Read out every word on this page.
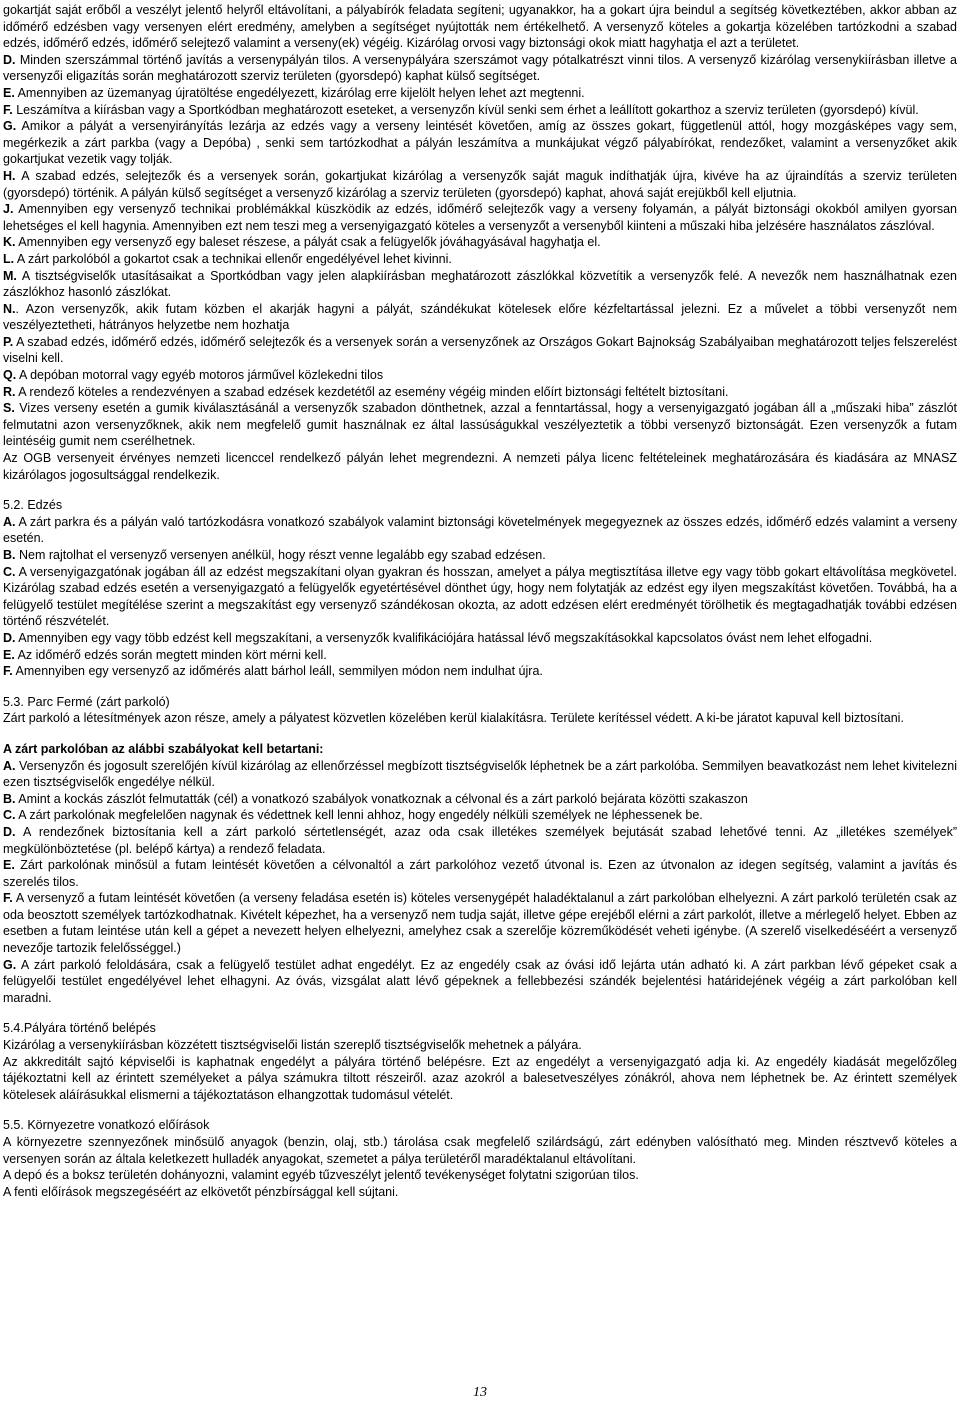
gokartját saját erőből a veszélyt jelentő helyről eltávolítani, a pályabírók feladata segíteni; ugyanakkor, ha a gokart újra beindul a segítség következtében, akkor abban az időmérő edzésben vagy versenyen elért eredmény, amelyben a segítséget nyújtották nem értékelhető. A versenyző köteles a gokartja közelében tartózkodni a szabad edzés, időmérő edzés, időmérő selejtező valamint a verseny(ek) végéig. Kizárólag orvosi vagy biztonsági okok miatt hagyhatja el azt a területet.

D. Minden szerszámmal történő javítás a versenypályán tilos. A versenypályára szerszámot vagy pótalkatrészt vinni tilos. A versenyző kizárólag versenykiírásban illetve a versenyzői eligazítás során meghatározott szerviz területen (gyorsdepó) kaphat külső segítséget.

E. Amennyiben az üzemanyag újratöltése engedélyezett, kizárólag erre kijelölt helyen lehet azt megtenni.

F. Leszámítva a kiírásban vagy a Sportkódban meghatározott eseteket, a versenyzőn kívül senki sem érhet a leállított gokarthoz a szerviz területen (gyorsdepó) kívül.

G. Amikor a pályát a versenyirányítás lezárja az edzés vagy a verseny leintését követően, amíg az összes gokart, függetlenül attól, hogy mozgásképes vagy sem, megérkezik a zárt parkba (vagy a Depóba) , senki sem tartózkodhat a pályán leszámítva a munkájukat végző pályabírókat, rendezőket, valamint a versenyzőket akik gokartjukat vezetik vagy tolják.

H. A szabad edzés, selejtezők és a versenyek során, gokartjukat kizárólag a versenyzők saját maguk indíthatják újra, kivéve ha az újraindítás a szerviz területen (gyorsdepó) történik. A pályán külső segítséget a versenyző kizárólag a szerviz területen (gyorsdepó) kaphat, ahová saját erejükből kell eljutnia.

J. Amennyiben egy versenyző technikai problémákkal küszködik az edzés, időmérő selejtezők vagy a verseny folyamán, a pályát biztonsági okokból amilyen gyorsan lehetséges el kell hagynia. Amennyiben ezt nem teszi meg a versenyigazgató köteles a versenyzőt a versenyből kiinteni a műszaki hiba jelzésére használatos zászlóval.

K. Amennyiben egy versenyző egy baleset részese, a pályát csak a felügyelők jóváhagyásával hagyhatja el.

L. A zárt parkolóból a gokartot csak a technikai ellenőr engedélyével lehet kivinni.

M. A tisztségviselők utasításaikat a Sportkódban vagy jelen alapkiírásban meghatározott zászlókkal közvetítik a versenyzők felé. A nevezők nem használhatnak ezen zászlókhoz hasonló zászlókat.

N.. Azon versenyzők, akik futam közben el akarják hagyni a pályát, szándékukat kötelesek előre kézfeltartással jelezni. Ez a művelet a többi versenyzőt nem veszélyeztetheti, hátrányos helyzetbe nem hozhatja

P. A szabad edzés, időmérő edzés, időmérő selejtezők és a versenyek során a versenyzőnek az Országos Gokart Bajnokság Szabályaiban meghatározott teljes felszerelést viselni kell.

Q. A depóban motorral vagy egyéb motoros járművel közlekedni tilos

R. A rendező köteles a rendezvényen a szabad edzések kezdetétől az esemény végéig minden előírt biztonsági feltételt biztosítani.

S. Vizes verseny esetén a gumik kiválasztásánál a versenyzők szabadon dönthetnek, azzal a fenntartással, hogy a versenyigazgató jogában áll a „műszaki hiba” zászlót felmutatni azon versenyzőknek, akik nem megfelelő gumit használnak ez által lassúságukkal veszélyeztetik a többi versenyző biztonságát. Ezen versenyzők a futam leintéséig gumit nem cserélhetnek.

Az OGB versenyeit érvényes nemzeti licenccel rendelkező pályán lehet megrendezni. A nemzeti pálya licenc feltételeinek meghatározására és kiadására az MNASZ kizárólagos jogosultsággal rendelkezik.

5.2. Edzés

A. A zárt parkra és a pályán való tartózkodásra vonatkozó szabályok valamint biztonsági követelmények megegyeznek az összes edzés, időmérő edzés valamint a verseny esetén.

B. Nem rajtolhat el versenyző versenyen anélkül, hogy részt venne legalább egy szabad edzésen.

C. A versenyigazgatónak jogában áll az edzést megszakítani olyan gyakran és hosszan, amelyet a pálya megtisztítása illetve egy vagy több gokart eltávolítása megkövetel. Kizárólag szabad edzés esetén a versenyigazgató a felügyelők egyetértésével dönthet úgy, hogy nem folytatják az edzést egy ilyen megszakítást követően. Továbbá, ha a felügyelő testület megítélése szerint a megszakítást egy versenyző szándékosan okozta, az adott edzésen elért eredményét törölhetik és megtagadhatják további edzésen történő részvételét.

D. Amennyiben egy vagy több edzést kell megszakítani, a versenyzők kvalifikációjára hatással lévő megszakításokkal kapcsolatos óvást nem lehet elfogadni.

E. Az időmérő edzés során megtett minden kört mérni kell.

F. Amennyiben egy versenyző az időmérés alatt bárhol leáll, semmilyen módon nem indulhat újra.

5.3. Parc Fermé (zárt parkoló)

Zárt parkoló a létesítmények azon része, amely a pályatest közvetlen közelében kerül kialakításra. Területe kerítéssel védett. A ki-be járatot kapuval kell biztosítani.

A zárt parkolóban az alábbi szabályokat kell betartani:

A. Versenyzőn és jogosult szerelőjén kívül kizárólag az ellenőrzéssel megbízott tisztségviselők léphetnek be a zárt parkolóba. Semmilyen beavatkozást nem lehet kivitelezni ezen tisztségviselők engedélye nélkül.

B. Amint a kockás zászlót felmutatták (cél) a vonatkozó szabályok vonatkoznak a célvonal és a zárt parkoló bejárata közötti szakaszon

C. A zárt parkolónak megfelelően nagynak és védettnek kell lenni ahhoz, hogy engedély nélküli személyek ne léphessenek be.

D. A rendezőnek biztosítania kell a zárt parkoló sértetlenségét, azaz oda csak illetékes személyek bejutását szabad lehetővé tenni. Az „illetékes személyek” megkülönböztetése (pl. belépő kártya) a rendező feladata.

E. Zárt parkolónak minősül a futam leintését követően a célvonaltól a zárt parkolóhoz vezető útvonal is. Ezen az útvonalon az idegen segítség, valamint a javítás és szerelés tilos.

F. A versenyző a futam leintését követően (a verseny feladása esetén is) köteles versenygépét haladéktalanul a zárt parkolóban elhelyezni. A zárt parkoló területén csak az oda beosztott személyek tartózkodhatnak. Kivételt képezhet, ha a versenyző nem tudja saját, illetve gépe erejéből elérni a zárt parkolót, illetve a mérlegelő helyet. Ebben az esetben a futam leintése után kell a gépet a nevezett helyen elhelyezni, amelyhez csak a szerelője közreműködését veheti igénybe. (A szerelő viselkedéséért a versenyző nevezője tartozik felelősséggel.)

G. A zárt parkoló feloldására, csak a felügyelő testület adhat engedélyt. Ez az engedély csak az óvási idő lejárta után adható ki. A zárt parkban lévő gépeket csak a felügyelői testület engedélyével lehet elhagyni. Az óvás, vizsgálat alatt lévő gépeknek a fellebbezési szándék bejelentési határidejének végéig a zárt parkolóban kell maradni.

5.4.Pályára történő belépés

Kizárólag a versenykiírásban közzétett tisztségviselői listán szereplő tisztségviselők mehetnek a pályára.

Az akkreditált sajtó képviselői is kaphatnak engedélyt a pályára történő belépésre. Ezt az engedélyt a versenyigazgató adja ki. Az engedély kiadását megelőzőleg tájékoztatni kell az érintett személyeket a pálya számukra tiltott részeiről. azaz azokról a balesetveszélyes zónákról, ahova nem léphetnek be. Az érintett személyek kötelesek aláírásukkal elismerni a tájékoztatáson elhangzottak tudomásul vételét.

5.5. Környezetre vonatkozó előírások

A környezetre szennyezőnek minősülő anyagok (benzin, olaj, stb.) tárolása csak megfelelő szilárdságú, zárt edényben valósítható meg. Minden résztvevő köteles a versenyen során az általa keletkezett hulladék anyagokat, szemetet a pálya területéről maradéktalanul eltávolítani.

A depó és a boksz területén dohányozni, valamint egyéb tűzveszélyt jelentő tevékenységet folytatni szigorúan tilos.

A fenti előírások megszegéséért az elkövetőt pénzbírsággal kell sújtani.

13
